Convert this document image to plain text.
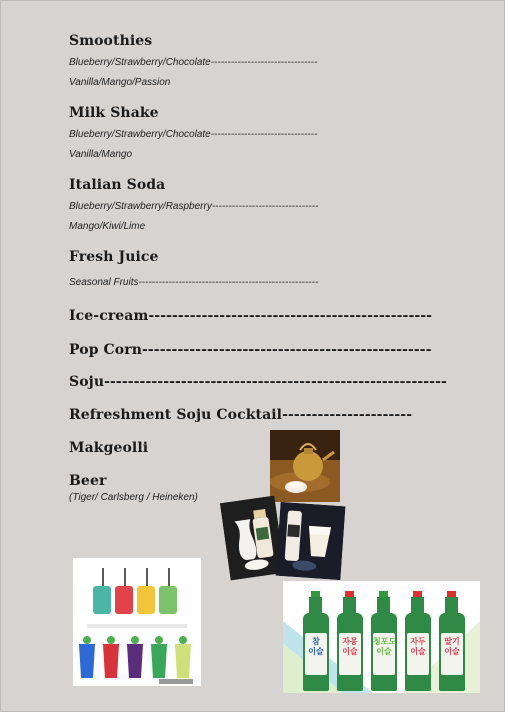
Smoothies
Blueberry/Strawberry/Chocolate--------------------------------
Vanilla/Mango/Passion
Milk Shake
Blueberry/Strawberry/Chocolate--------------------------------
Vanilla/Mango
Italian Soda
Blueberry/Strawberry/Raspberry--------------------------------
Mango/Kiwi/Lime
Fresh Juice
Seasonal Fruits------------------------------------------------------
Ice-cream------------------------------------------------
Pop Corn-------------------------------------------------
Soju----------------------------------------------------------
Refreshment Soju Cocktail----------------------
Makgeolli
Beer
(Tiger/ Carlsberg / Heineken)
참
이슬
자몽
이슬
청포도
이슬
자두
이슬
딸기
이슬
